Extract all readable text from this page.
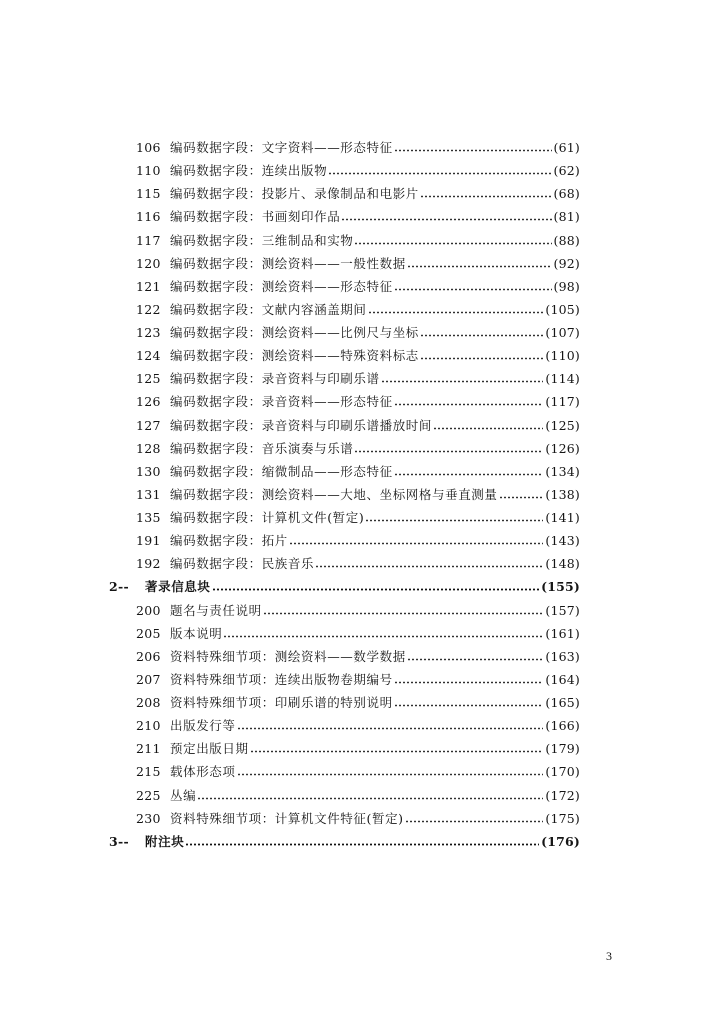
106 编码数据字段：文字资料——形态特征	(61)
110 编码数据字段：连续出版物	(62)
115 编码数据字段：投影片、录像制品和电影片	(68)
116 编码数据字段：书画刻印作品	(81)
117 编码数据字段：三维制品和实物	(88)
120 编码数据字段：测绘资料——一般性数据	(92)
121 编码数据字段：测绘资料——形态特征	(98)
122 编码数据字段：文献内容涵盖期间	(105)
123 编码数据字段：测绘资料——比例尺与坐标	(107)
124 编码数据字段：测绘资料——特殊资料标志	(110)
125 编码数据字段：录音资料与印刷乐谱	(114)
126 编码数据字段：录音资料——形态特征	(117)
127 编码数据字段：录音资料与印刷乐谱播放时间	(125)
128 编码数据字段：音乐演奏与乐谱	(126)
130 编码数据字段：缩微制品——形态特征	(134)
131 编码数据字段：测绘资料——大地、坐标网格与垂直测量	(138)
135 编码数据字段：计算机文件(暂定)	(141)
191 编码数据字段：拓片	(143)
192 编码数据字段：民族音乐	(148)
2--	著录信息块	(155)
200 题名与责任说明	(157)
205 版本说明	(161)
206 资料特殊细节项：测绘资料——数学数据	(163)
207 资料特殊细节项：连续出版物卷期编号	(164)
208 资料特殊细节项：印刷乐谱的特别说明	(165)
210 出版发行等	(166)
211 预定出版日期	(179)
215 载体形态项	(170)
225 丛编	(172)
230 资料特殊细节项：计算机文件特征(暂定)	(175)
3--	附注块	(176)
3
